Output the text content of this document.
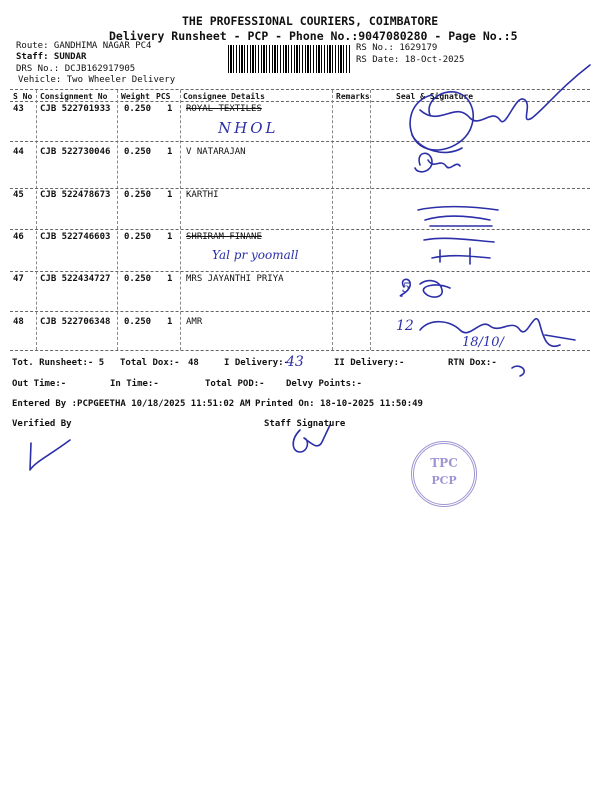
THE PROFESSIONAL COURIERS, COIMBATORE
Delivery Runsheet - PCP - Phone No.:9047080280 - Page No.:5
Route: GANDHIMA NAGAR PC4
Staff: SUNDAR
DRS No.: DCJB162917905
Vehicle: Two Wheeler Delivery
RS No.: 1629179
RS Date: 18-Oct-2025
S No Consignment No Weight PCS Consignee Details	Remarks	Seal & Signature
43 CJB 522701933 0.250 1 ROYAL TEXTILES
NHOL
44 CJB 522730046 0.250 1 V NATARAJAN
45 CJB 522478673 0.250 1 KARTHI
46 CJB 522746603 0.250 1 SHRIRAM FINANE
Yal pr yoomall
47 CJB 522434727 0.250 1 MRS JAYANTHI PRIYA
48 CJB 522706348 0.250 1 AMR	12
18/10/
Tot. Runsheet:- 5 Total Dox:- 48	I Delivery:-
43	II Delivery:-	RTN Dox:-
5
Out Time:-	In Time:-	Total POD:- Delvy Points:-
Entered By :PCPGEETHA 10/18/2025 11:51:02 AM Printed On: 18-10-2025 11:50:49
Verified By	Staff Signature
TPC
PCP
